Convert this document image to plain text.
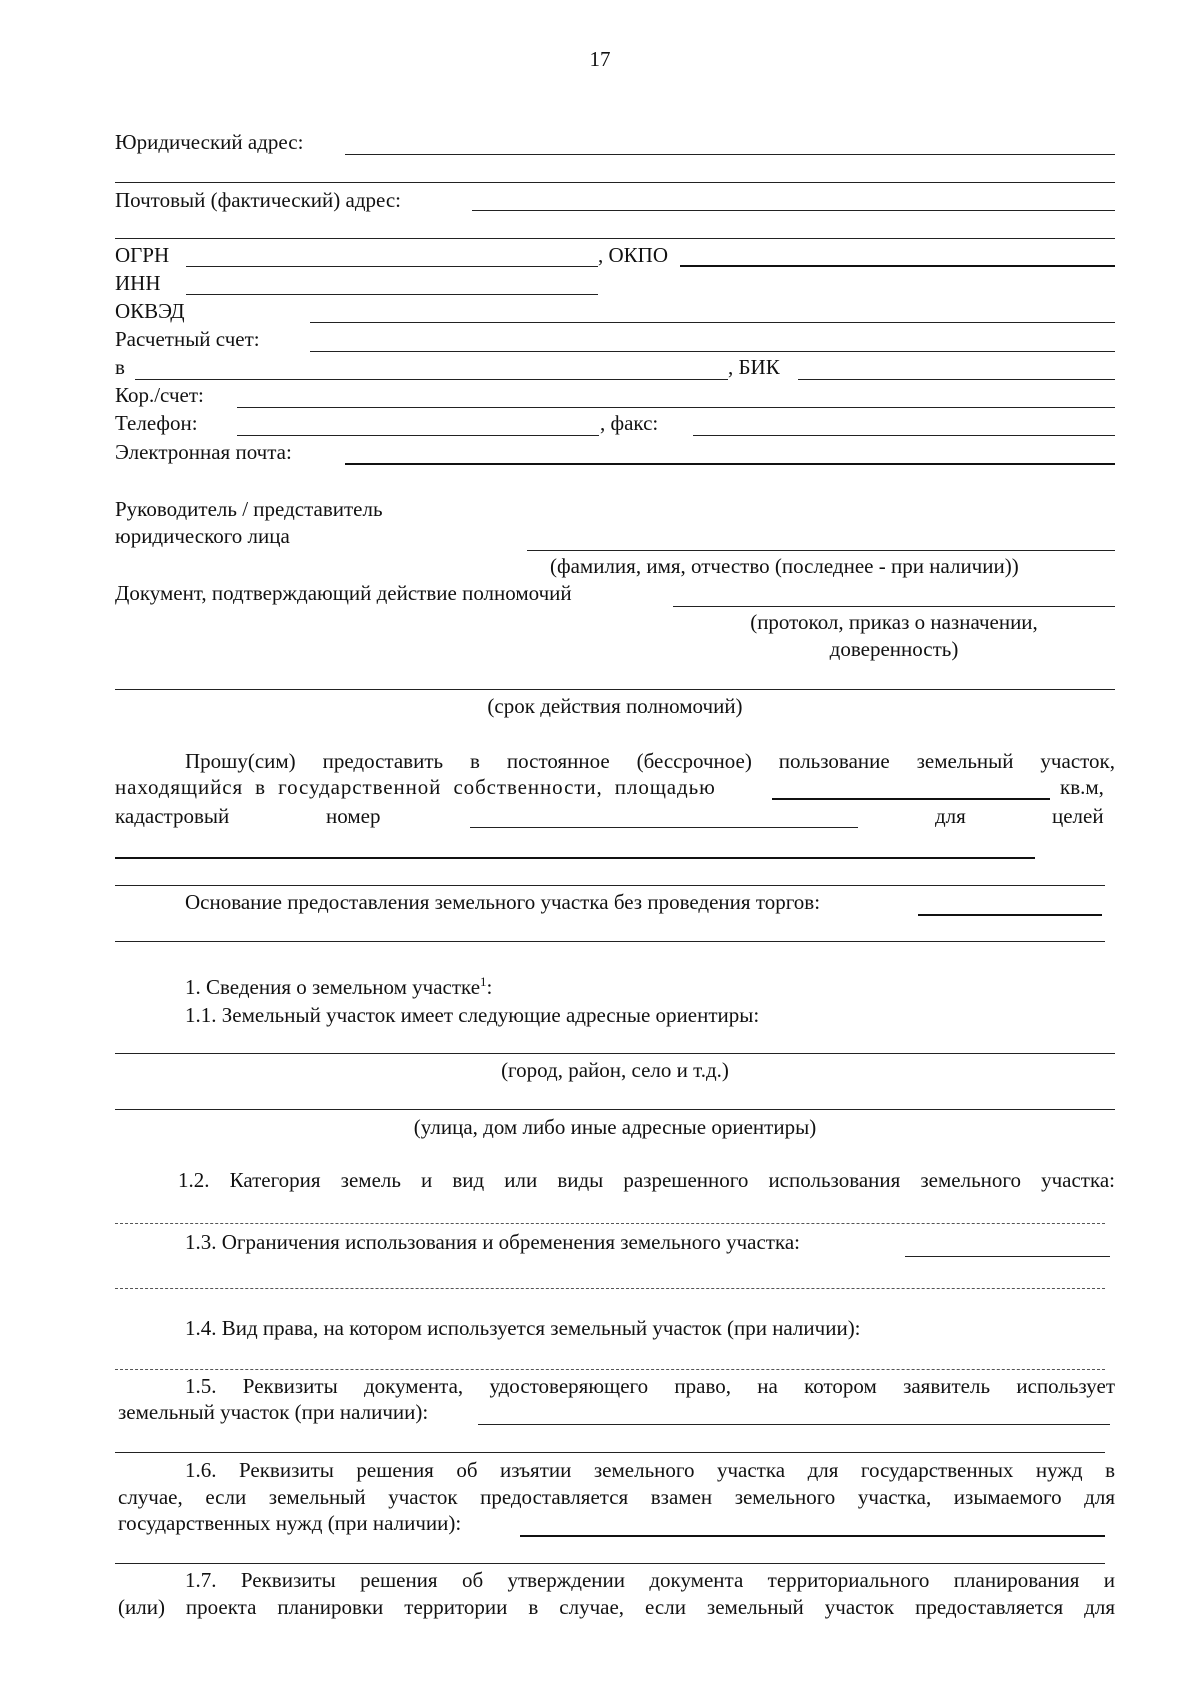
17
Юридический адрес:
Почтовый (фактический) адрес:
ОГРН	, ОКПО
ИНН
ОКВЭД
Расчетный счет:
в	, БИК
Кор./счет:
Телефон:	, факс:
Электронная почта:
Руководитель / представитель
юридического лица
(фамилия, имя, отчество (последнее - при наличии))
Документ, подтверждающий действие полномочий
(протокол, приказ о назначении,
доверенность)
(срок действия полномочий)
Прошу(сим) предоставить в постоянное (бессрочное) пользование земельный участок,
находящийся в государственной собственности, площадью	кв.м,
кадастровый	номер	для	целей
Основание предоставления земельного участка без проведения торгов:
1. Сведения о земельном участке$^1$:
1.1. Земельный участок имеет следующие адресные ориентиры:
(город, район, село и т.д.)
(улица, дом либо иные адресные ориентиры)
1.2. Категория земель и вид или виды разрешенного использования земельного участка:
1.3. Ограничения использования и обременения земельного участка:
1.4. Вид права, на котором используется земельный участок (при наличии):
1.5. Реквизиты документа, удостоверяющего право, на котором заявитель использует
земельный участок (при наличии):
1.6. Реквизиты решения об изъятии земельного участка для государственных нужд в
случае, если земельный участок предоставляется взамен земельного участка, изымаемого для
государственных нужд (при наличии):
1.7. Реквизиты решения об утверждении документа территориального планирования и
(или) проекта планировки территории в случае, если земельный участок предоставляется для
